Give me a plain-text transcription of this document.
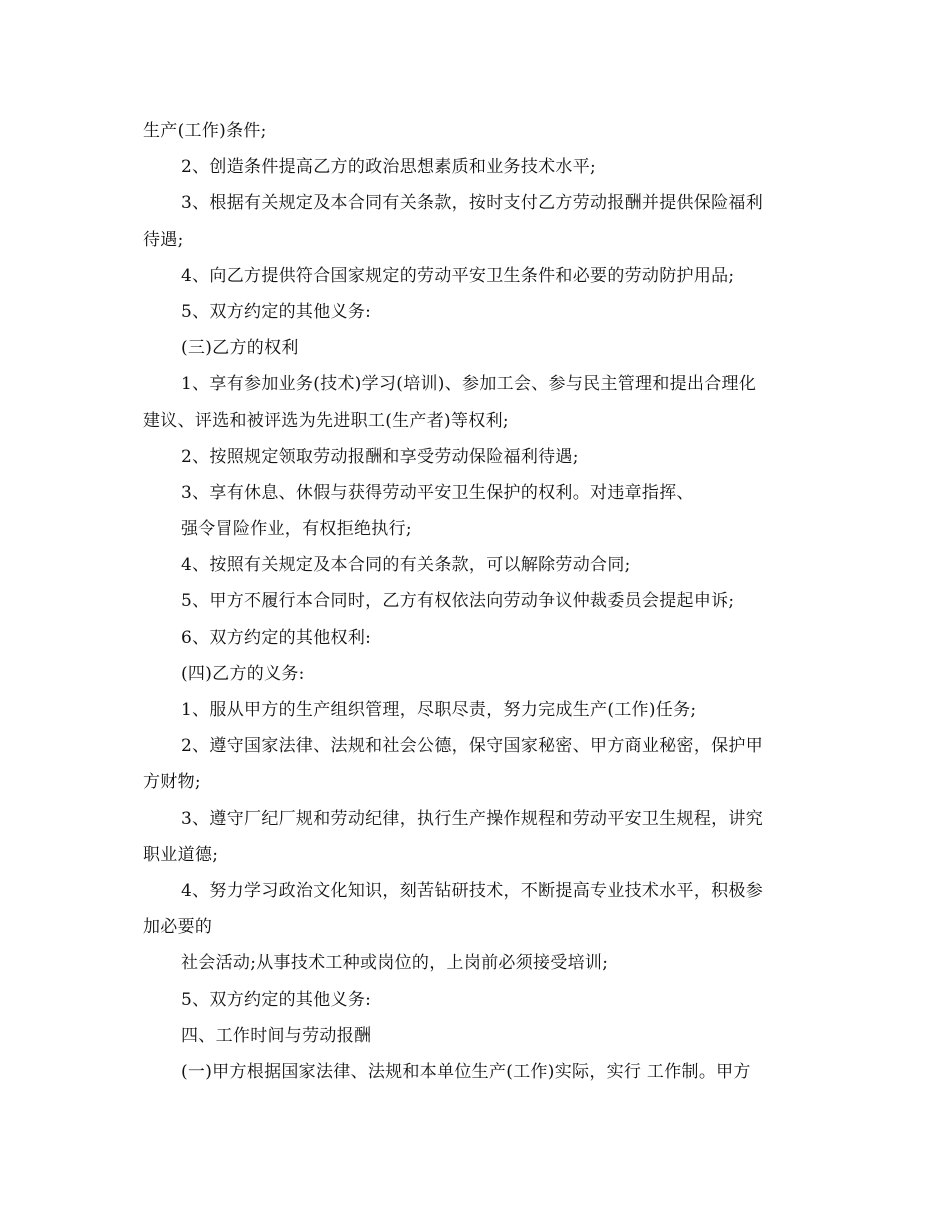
生产(工作)条件;
2、创造条件提高乙方的政治思想素质和业务技术水平;
3、根据有关规定及本合同有关条款，按时支付乙方劳动报酬并提供保险福利
待遇;
4、向乙方提供符合国家规定的劳动平安卫生条件和必要的劳动防护用品;
5、双方约定的其他义务:
(三)乙方的权利
1、享有参加业务(技术)学习(培训)、参加工会、参与民主管理和提出合理化
建议、评选和被评选为先进职工(生产者)等权利;
2、按照规定领取劳动报酬和享受劳动保险福利待遇;
3、享有休息、休假与获得劳动平安卫生保护的权利。对违章指挥、
强令冒险作业，有权拒绝执行;
4、按照有关规定及本合同的有关条款，可以解除劳动合同;
5、甲方不履行本合同时，乙方有权依法向劳动争议仲裁委员会提起申诉;
6、双方约定的其他权利:
(四)乙方的义务:
1、服从甲方的生产组织管理，尽职尽责，努力完成生产(工作)任务;
2、遵守国家法律、法规和社会公德，保守国家秘密、甲方商业秘密，保护甲
方财物;
3、遵守厂纪厂规和劳动纪律，执行生产操作规程和劳动平安卫生规程，讲究
职业道德;
4、努力学习政治文化知识，刻苦钻研技术，不断提高专业技术水平，积极参
加必要的
社会活动;从事技术工种或岗位的，上岗前必须接受培训;
5、双方约定的其他义务:
四、工作时间与劳动报酬
(一)甲方根据国家法律、法规和本单位生产(工作)实际，实行 工作制。甲方
